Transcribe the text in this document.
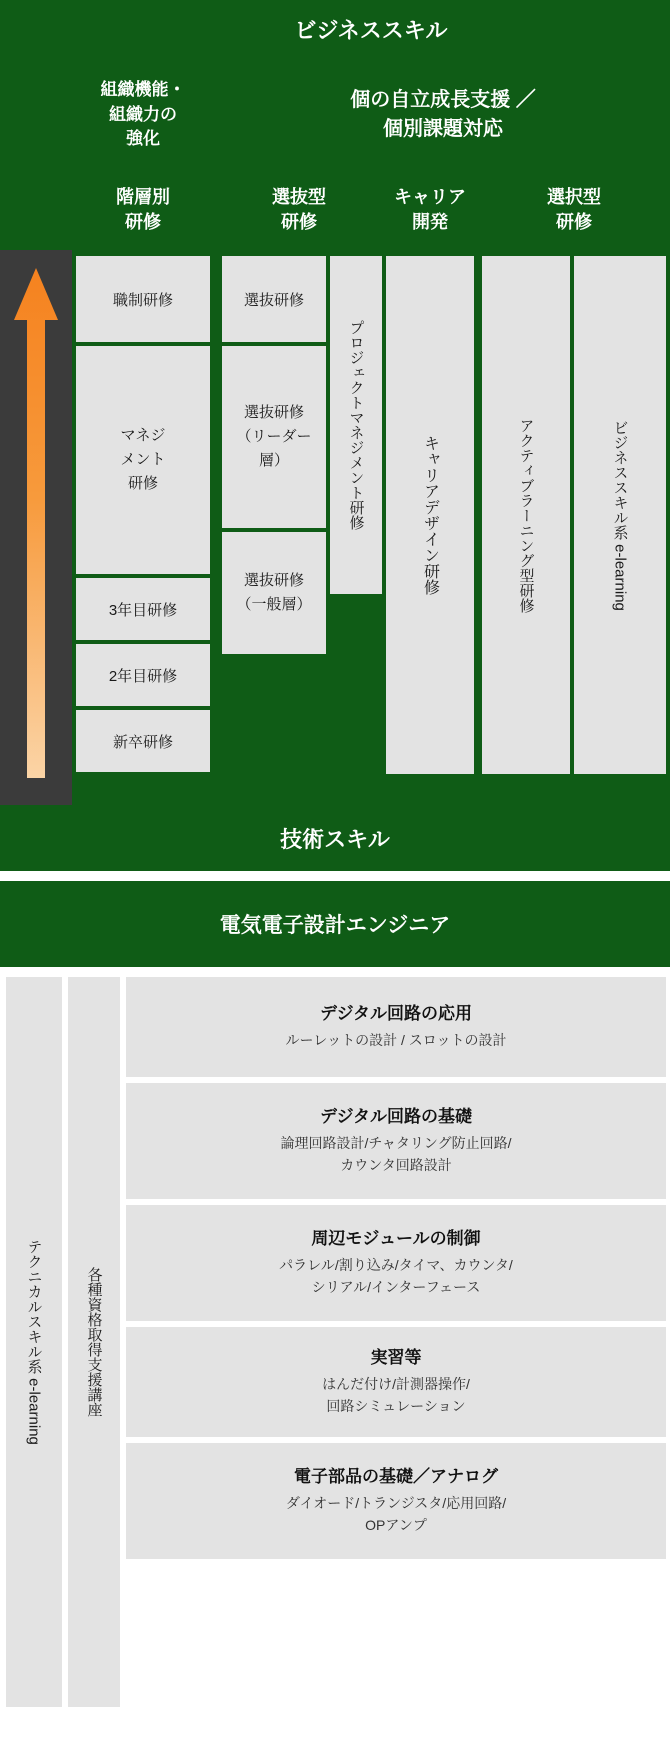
ビジネススキル
組織機能・
組織力の
強化
個の自立成長支援 ／
個別課題対応
階層別
研修
選抜型
研修
キャリア
開発
選択型
研修
職制研修
マネジ
メント
研修
3年目研修
2年目研修
新卒研修
選抜研修
選抜研修
（リーダー
層）
選抜研修
（一般層）
プロジェクトマネジメント研修	キャリアデザイン研修	アクティブラーニング型研修	ビジネススキル系 e-learning
技術スキル
電気電子設計エンジニア
テクニカルスキル系 e-learning	各種資格取得支援講座
デジタル回路の応用
ルーレットの設計 / スロットの設計
デジタル回路の基礎
論理回路設計/チャタリング防止回路/
カウンタ回路設計
周辺モジュールの制御
パラレル/割り込み/タイマ、カウンタ/
シリアル/インターフェース
実習等
はんだ付け/計測器操作/
回路シミュレーション
電子部品の基礎／アナログ
ダイオード/トランジスタ/応用回路/
OPアンプ
